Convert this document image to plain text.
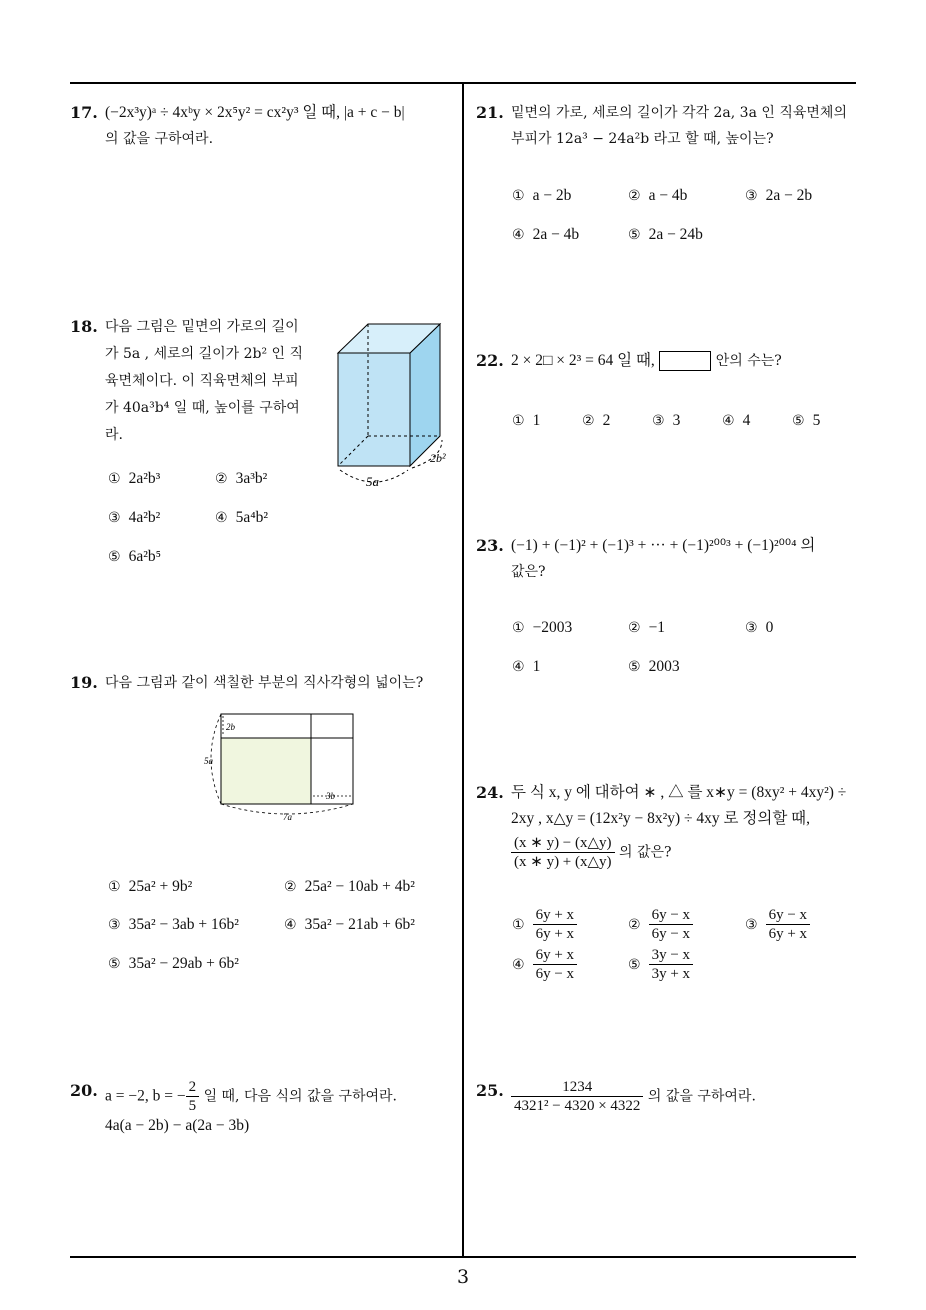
17. (−2x³y)ᵃ ÷ 4xᵇy × 2x⁵y² = cx²y³ 일 때, |a + c − b|
의 값을 구하여라.
18. 다음 그림은 밑면의 가로의 길이
가 5a , 세로의 길이가 2b² 인 직
육면체이다. 이 직육면체의 부피
가 40a³b⁴ 일 때, 높이를 구하여
라.
5a
2b²
① 2a²b³	② 3a³b²
③ 4a²b²	④ 5a⁴b²
⑤ 6a²b⁵
19. 다음 그림과 같이 색칠한 부분의 직사각형의 넓이는?
2b
5a
3b
7a
① 25a² + 9b²	② 25a² − 10ab + 4b²
③ 35a² − 3ab + 16b²	④ 35a² − 21ab + 6b²
⑤ 35a² − 29ab + 6b²
20. a = −2, b = − $\frac{2}{5}$ 일 때, 다음 식의 값을 구하여라.
4a(a − 2b) − a(2a − 3b)
21. 밑면의 가로, 세로의 길이가 각각 2a, 3a 인 직육면체의
부피가 12a³ − 24a²b 라고 할 때, 높이는?
① a − 2b	② a − 4b	③ 2a − 2b
④ 2a − 4b	⑤ 2a − 24b
22. 2 × 2□ × 2³ = 64 일 때,	안의 수는?
① 1	② 2	③ 3	④ 4	⑤ 5
23. (−1) + (−1)² + (−1)³ + ··· + (−1)²⁰⁰³ + (−1)²⁰⁰⁴ 의
값은?
① −2003	② −1	③ 0
④ 1	⑤ 2003
24. 두 식 x, y 에 대하여 ∗ , △ 를 x∗y = (8xy² + 4xy²) ÷
2xy , x△y = (12x²y − 8x²y) ÷ 4xy 로 정의할 때,
$\frac{(x ∗ y) - (x\triangle y)}{(x ∗ y) + (x\triangle y)}$ 의 값은?
① $\frac{6y + x}{6y + x}$	② $\frac{6y - x}{6y - x}$	③ $\frac{6y - x}{6y + x}$
④ $\frac{6y + x}{6y - x}$	⑤ $\frac{3y - x}{3y + x}$
25. $\frac{1234}{\text{4321² − 4320 × 4322}}$ 의 값을 구하여라.
3
